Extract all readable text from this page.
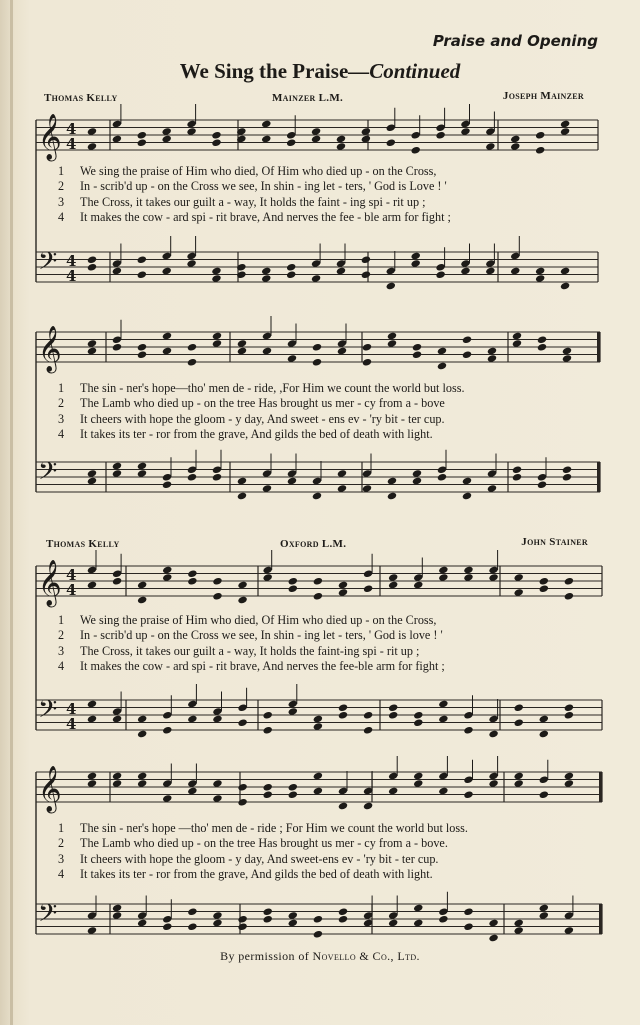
Praise and Opening
We Sing the Praise—Continued
Thomas Kelly	Mainzer L.M.	Joseph Mainzer
Thomas Kelly	Oxford L.M.	John Stainer
𝄞
𝄢
4
4
4
4
𝄞
𝄢
𝄞
𝄢
4
4
4
4
𝄞
𝄢
1 We sing the praise of Him who died, Of Him who died up - on the Cross,
2 In - scrib'd up - on the Cross we see, In shin - ing let - ters, ' God is Love ! '
3 The Cross, it takes our guilt a - way, It holds the faint - ing spi - rit up ;
4 It makes the cow - ard spi - rit brave, And nerves the fee - ble arm for fight ;
1 The sin - ner's hope—tho' men de - ride, ,For Him we count the world but loss.
2 The Lamb who died up - on the tree Has brought us mer - cy from a - bove
3 It cheers with hope the gloom - y day, And sweet - ens ev - 'ry bit - ter cup.
4 It takes its ter - ror from the grave, And gilds the bed of death with light.
1 We sing the praise of Him who died, Of Him who died up - on the Cross,
2 In - scrib'd up - on the Cross we see, In shin - ing let - ters, ' God is love ! '
3 The Cross, it takes our guilt a - way, It holds the faint-ing spi - rit up ;
4 It makes the cow - ard spi - rit brave, And nerves the fee-ble arm for fight ;
1 The sin - ner's hope —tho' men de - ride ; For Him we count the world but loss.
2 The Lamb who died up - on the tree Has brought us mer - cy from a - bove.
3 It cheers with hope the gloom - y day, And sweet-ens ev - 'ry bit - ter cup.
4 It takes its ter - ror from the grave, And gilds the bed of death with light.
By permission of Novello & Co., Ltd.
